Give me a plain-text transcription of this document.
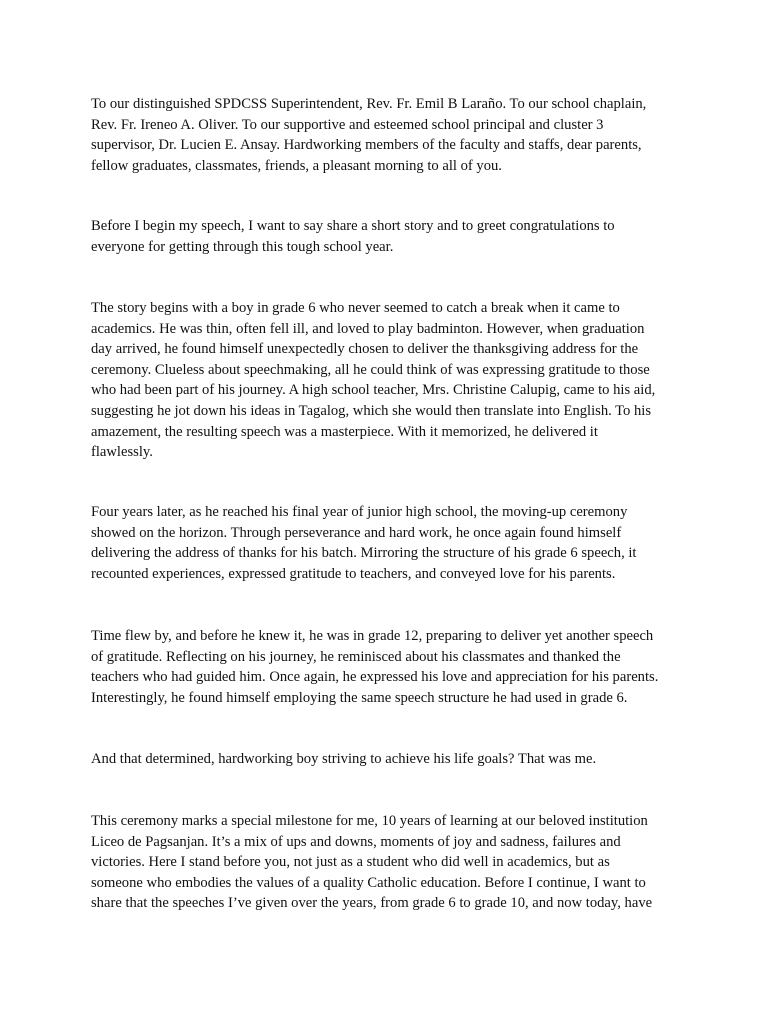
To our distinguished SPDCSS Superintendent, Rev. Fr. Emil B Laraño. To our school chaplain,
Rev. Fr. Ireneo A. Oliver. To our supportive and esteemed school principal and cluster 3
supervisor, Dr. Lucien E. Ansay. Hardworking members of the faculty and staffs, dear parents,
fellow graduates, classmates, friends, a pleasant morning to all of you.

Before I begin my speech, I want to say share a short story and to greet congratulations to
everyone for getting through this tough school year.

The story begins with a boy in grade 6 who never seemed to catch a break when it came to
academics. He was thin, often fell ill, and loved to play badminton. However, when graduation
day arrived, he found himself unexpectedly chosen to deliver the thanksgiving address for the
ceremony. Clueless about speechmaking, all he could think of was expressing gratitude to those
who had been part of his journey. A high school teacher, Mrs. Christine Calupig, came to his aid,
suggesting he jot down his ideas in Tagalog, which she would then translate into English. To his
amazement, the resulting speech was a masterpiece. With it memorized, he delivered it
flawlessly.

Four years later, as he reached his final year of junior high school, the moving-up ceremony
showed on the horizon. Through perseverance and hard work, he once again found himself
delivering the address of thanks for his batch. Mirroring the structure of his grade 6 speech, it
recounted experiences, expressed gratitude to teachers, and conveyed love for his parents.

Time flew by, and before he knew it, he was in grade 12, preparing to deliver yet another speech
of gratitude. Reflecting on his journey, he reminisced about his classmates and thanked the
teachers who had guided him. Once again, he expressed his love and appreciation for his parents.
Interestingly, he found himself employing the same speech structure he had used in grade 6.

And that determined, hardworking boy striving to achieve his life goals? That was me.

This ceremony marks a special milestone for me, 10 years of learning at our beloved institution
Liceo de Pagsanjan. It’s a mix of ups and downs, moments of joy and sadness, failures and
victories. Here I stand before you, not just as a student who did well in academics, but as
someone who embodies the values of a quality Catholic education. Before I continue, I want to
share that the speeches I’ve given over the years, from grade 6 to grade 10, and now today, have
